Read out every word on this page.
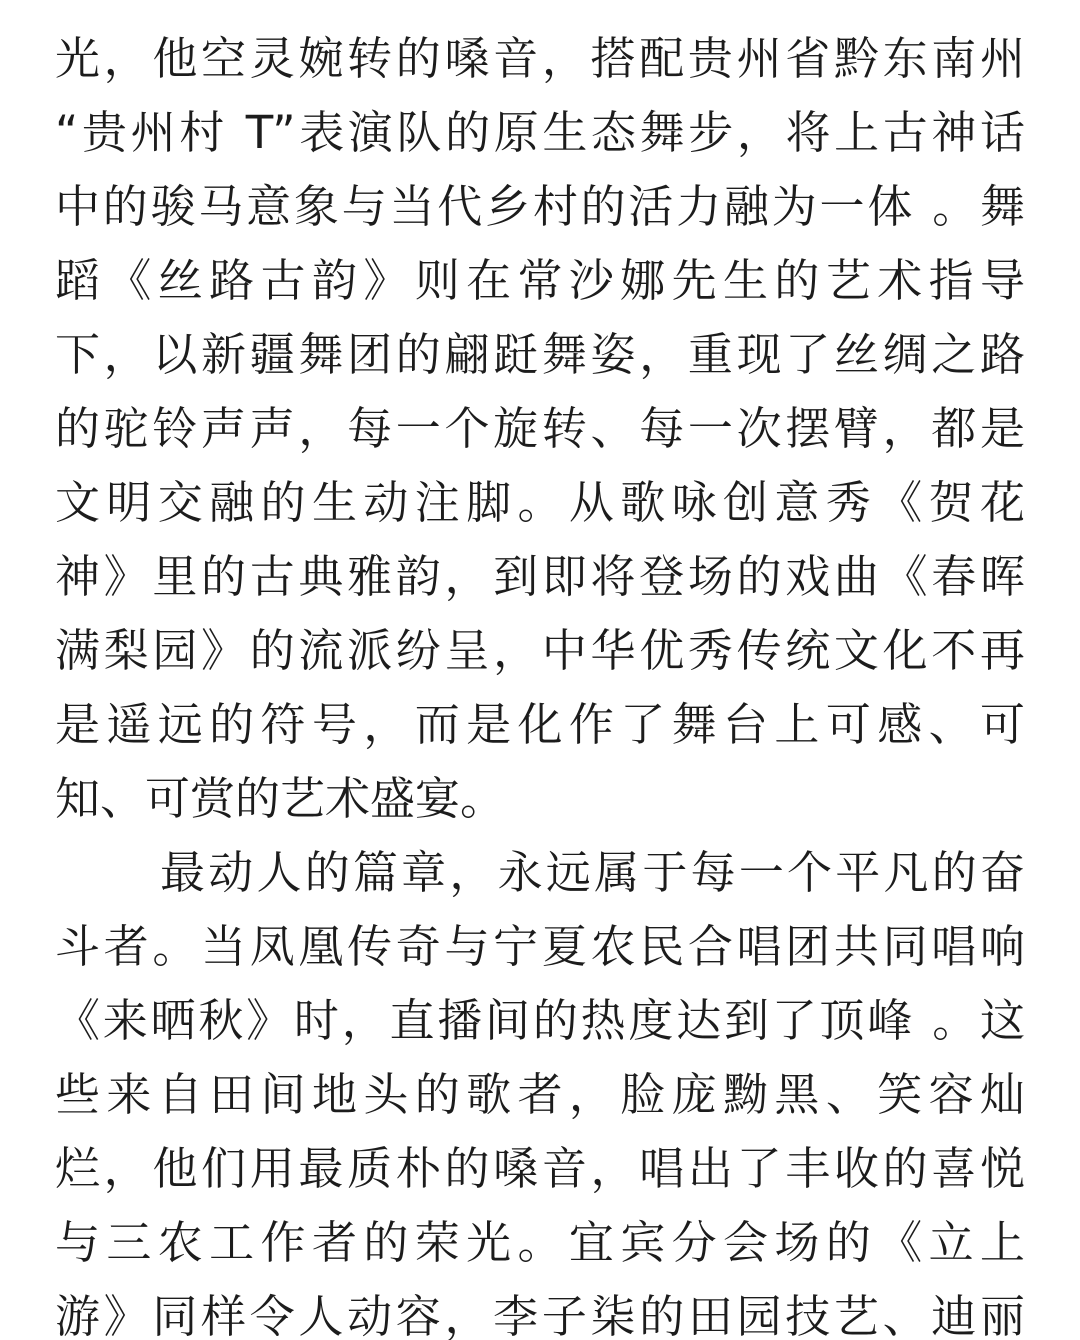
光，他空灵婉转的嗓音，搭配贵州省黔东南州
“贵州村 T”表演队的原生态舞步，将上古神话
中的骏马意象与当代乡村的活力融为一体 。舞
蹈《丝路古韵》则在常沙娜先生的艺术指导
下，以新疆舞团的翩跹舞姿，重现了丝绸之路
的驼铃声声，每一个旋转、每一次摆臂，都是
文明交融的生动注脚。从歌咏创意秀《贺花
神》里的古典雅韵，到即将登场的戏曲《春晖
满梨园》的流派纷呈，中华优秀传统文化不再
是遥远的符号，而是化作了舞台上可感、可
知、可赏的艺术盛宴。
最动人的篇章，永远属于每一个平凡的奋
斗者。当凤凰传奇与宁夏农民合唱团共同唱响
《来晒秋》时，直播间的热度达到了顶峰 。这
些来自田间地头的歌者，脸庞黝黑、笑容灿
烂，他们用最质朴的嗓音，唱出了丰收的喜悦
与三农工作者的荣光。宜宾分会场的《立上
游》同样令人动容，李子柒的田园技艺、迪丽
